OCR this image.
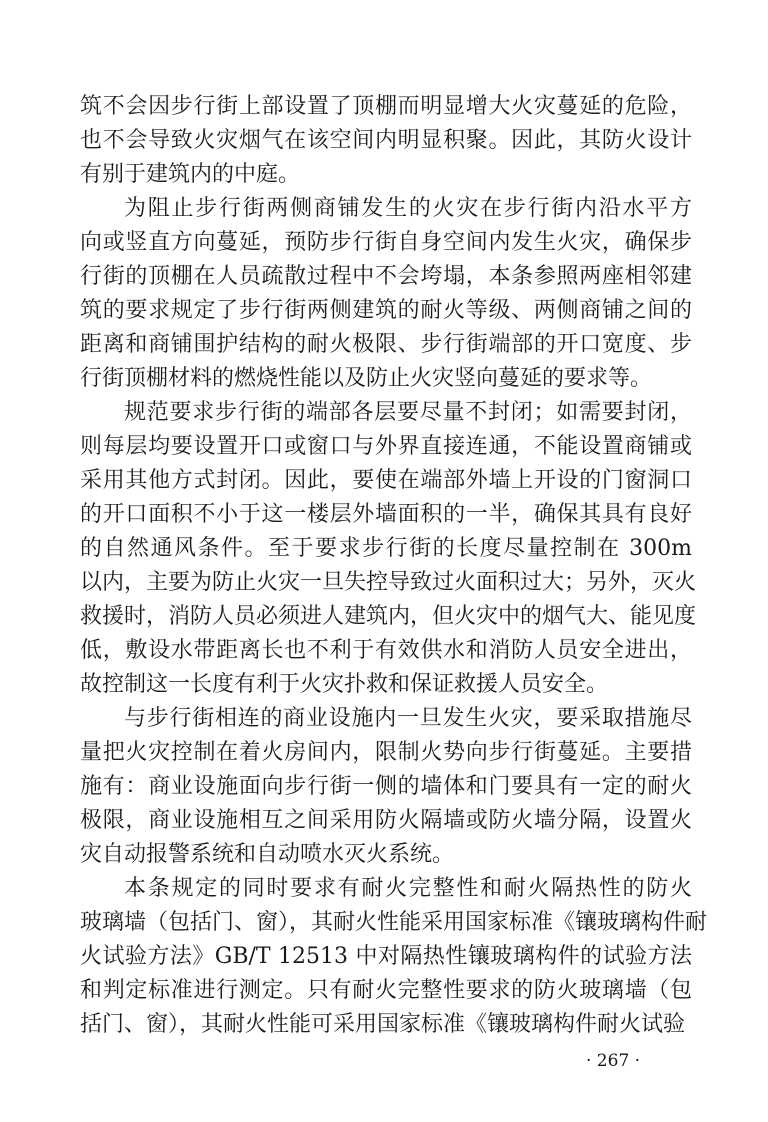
筑不会因步行街上部设置了顶棚而明显增大火灾蔓延的危险，
也不会导致火灾烟气在该空间内明显积聚。因此，其防火设计
有别于建筑内的中庭。
为阻止步行街两侧商铺发生的火灾在步行街内沿水平方
向或竖直方向蔓延，预防步行街自身空间内发生火灾，确保步
行街的顶棚在人员疏散过程中不会垮塌，本条参照两座相邻建
筑的要求规定了步行街两侧建筑的耐火等级、两侧商铺之间的
距离和商铺围护结构的耐火极限、步行街端部的开口宽度、步
行街顶棚材料的燃烧性能以及防止火灾竖向蔓延的要求等。
规范要求步行街的端部各层要尽量不封闭；如需要封闭，
则每层均要设置开口或窗口与外界直接连通，不能设置商铺或
采用其他方式封闭。因此，要使在端部外墙上开设的门窗洞口
的开口面积不小于这一楼层外墙面积的一半，确保其具有良好
的自然通风条件。至于要求步行街的长度尽量控制在 300m
以内，主要为防止火灾一旦失控导致过火面积过大；另外，灭火
救援时，消防人员必须进人建筑内，但火灾中的烟气大、能见度
低，敷设水带距离长也不利于有效供水和消防人员安全进出，
故控制这一长度有利于火灾扑救和保证救援人员安全。
与步行街相连的商业设施内一旦发生火灾，要采取措施尽
量把火灾控制在着火房间内，限制火势向步行街蔓延。主要措
施有：商业设施面向步行街一侧的墙体和门要具有一定的耐火
极限，商业设施相互之间采用防火隔墙或防火墙分隔，设置火
灾自动报警系统和自动喷水灭火系统。
本条规定的同时要求有耐火完整性和耐火隔热性的防火
玻璃墙（包括门、窗），其耐火性能采用国家标准《镶玻璃构件耐
火试验方法》GB/T 12513 中对隔热性镶玻璃构件的试验方法
和判定标准进行测定。只有耐火完整性要求的防火玻璃墙（包
括门、窗），其耐火性能可采用国家标准《镶玻璃构件耐火试验
· 267 ·
